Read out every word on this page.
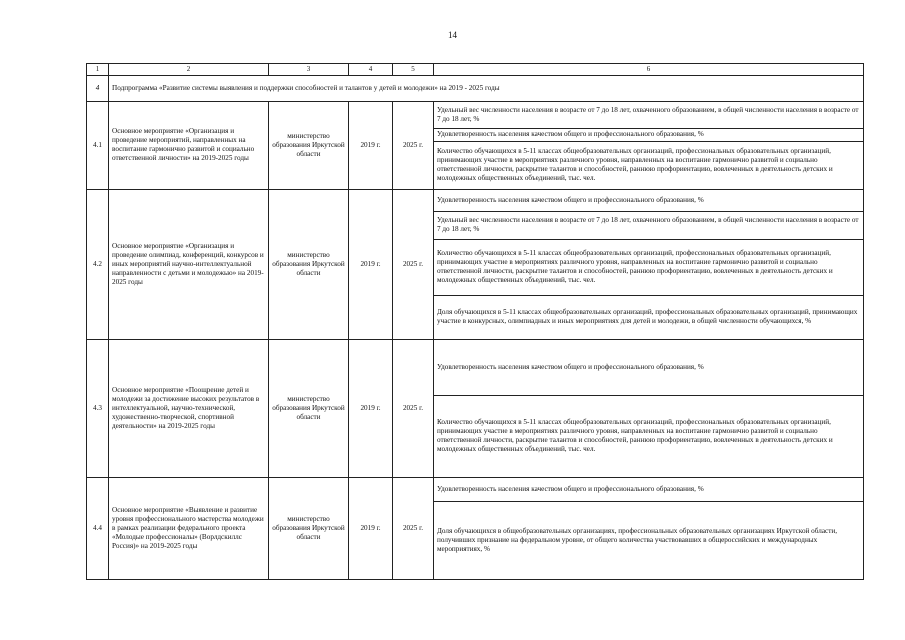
14
1	2	3	4	5	6
4	Подпрограмма «Развитие системы выявления и поддержки способностей и талантов у детей и молодежи» на 2019 - 2025 годы				
4.1	Основное мероприятие «Организация и проведение мероприятий, направленных на воспитание гармонично развитой и социально ответственной личности» на 2019-2025 годы	министерство образования Иркутской области	2019 г.	2025 г.	Удельный вес численности населения в возрасте от 7 до 18 лет, охваченного образованием, в общей численности населения в возрасте от 7 до 18 лет, %
					Удовлетворенность населения качеством общего и профессионального образования, %
					Количество обучающихся в 5-11 классах общеобразовательных организаций, профессиональных образовательных организаций, принимающих участие в мероприятиях различного уровня, направленных на воспитание гармонично развитой и социально ответственной личности, раскрытие талантов и способностей, раннюю профориентацию, вовлеченных в деятельность детских и молодежных общественных объединений, тыс. чел.
4.2	Основное мероприятие «Организация и проведение олимпиад, конференций, конкурсов и иных мероприятий научно-интеллектуальной направленности с детьми и молодежью» на 2019-2025 годы	министерство образования Иркутской области	2019 г.	2025 г.	Удовлетворенность населения качеством общего и профессионального образования, %
					Удельный вес численности населения в возрасте от 7 до 18 лет, охваченного образованием, в общей численности населения в возрасте от 7 до 18 лет, %
					Количество обучающихся в 5-11 классах общеобразовательных организаций, профессиональных образовательных организаций, принимающих участие в мероприятиях различного уровня, направленных на воспитание гармонично развитой и социально ответственной личности, раскрытие талантов и способностей, раннюю профориентацию, вовлеченных в деятельность детских и молодежных общественных объединений, тыс. чел.
					Доля обучающихся в 5-11 классах общеобразовательных организаций, профессиональных образовательных организаций, принимающих участие в конкурсных, олимпиадных и иных мероприятиях для детей и молодежи, в общей численности обучающихся, %
4.3	Основное мероприятие «Поощрение детей и молодежи за достижение высоких результатов в интеллектуальной, научно-технической, художественно-творческой, спортивной деятельности» на 2019-2025 годы	министерство образования Иркутской области	2019 г.	2025 г.	Удовлетворенность населения качеством общего и профессионального образования, %
					Количество обучающихся в 5-11 классах общеобразовательных организаций, профессиональных образовательных организаций, принимающих участие в мероприятиях различного уровня, направленных на воспитание гармонично развитой и социально ответственной личности, раскрытие талантов и способностей, раннюю профориентацию, вовлеченных в деятельность детских и молодежных общественных объединений, тыс. чел.
4.4	Основное мероприятие «Выявление и развитие уровня профессионального мастерства молодежи в рамках реализации федерального проекта «Молодые профессионалы» (Ворлдскиллс Россия)» на 2019-2025 годы	министерство образования Иркутской области	2019 г.	2025 г.	Удовлетворенность населения качеством общего и профессионального образования, %
					Доля обучающихся в общеобразовательных организациях, профессиональных образовательных организациях Иркутской области, получивших признание на федеральном уровне, от общего количества участвовавших в общероссийских и международных мероприятиях, %
